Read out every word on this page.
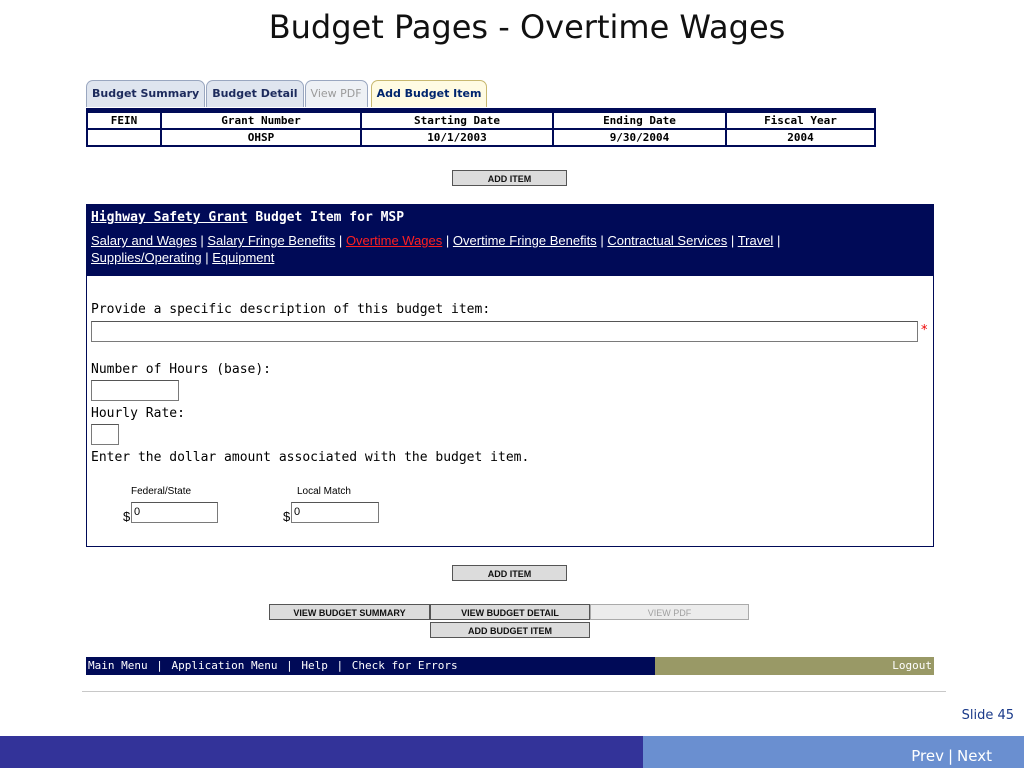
Budget Pages - Overtime Wages
Budget Summary	Budget Detail	View PDF	Add Budget Item
FEIN	Grant Number	Starting Date	Ending Date	Fiscal Year
	OHSP	10/1/2003	9/30/2004	2004
ADD ITEM
Highway Safety Grant Budget Item for MSP
Salary and Wages | Salary Fringe Benefits | Overtime Wages | Overtime Fringe Benefits | Contractual Services | Travel |
Supplies/Operating | Equipment
Provide a specific description of this budget item:
*
Number of Hours (base):
Hourly Rate:
Enter the dollar amount associated with the budget item.
Federal/State
$ 0
Local Match
$ 0
ADD ITEM
VIEW BUDGET SUMMARY	VIEW BUDGET DETAIL	VIEW PDF
ADD BUDGET ITEM
Main Menu | Application Menu | Help | Check for Errors	Logout
Slide 45
Prev | Next
